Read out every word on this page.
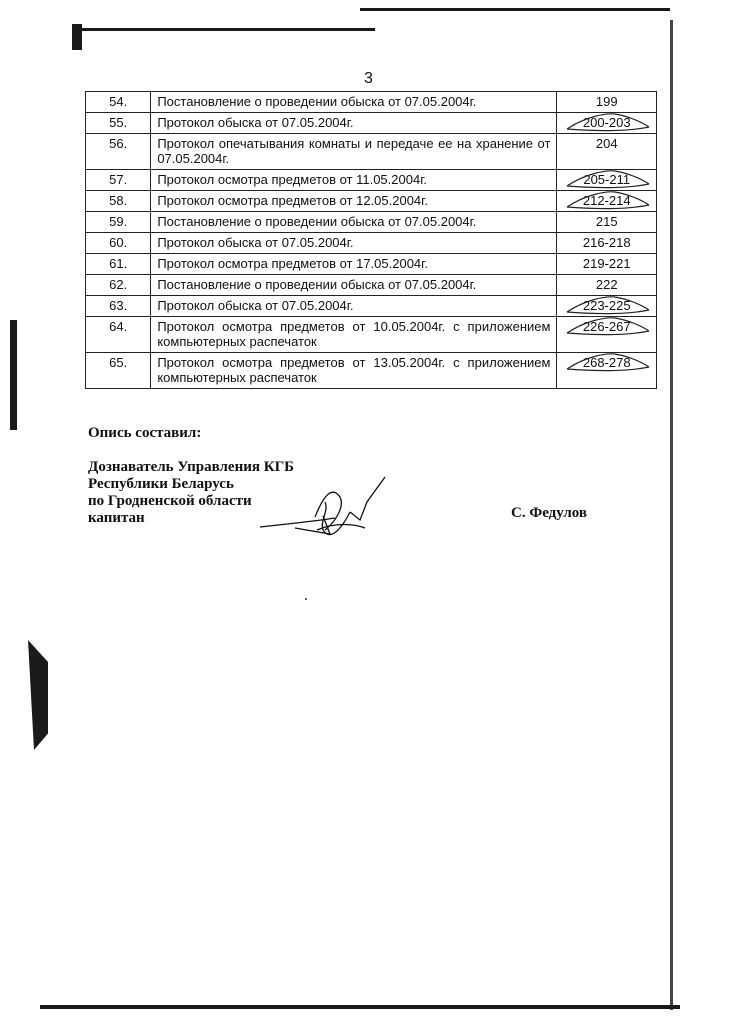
3
54.	Постановление о проведении обыска от 07.05.2004г.	199
55.	Протокол обыска от 07.05.2004г.	200-203

56.	Протокол опечатывания комнаты и передаче ее на хранение от 07.05.2004г.	204
57.	Протокол осмотра предметов от 11.05.2004г.	205-211

58.	Протокол осмотра предметов от 12.05.2004г.	212-214

59.	Постановление о проведении обыска от 07.05.2004г.	215
60.	Протокол обыска от 07.05.2004г.	216-218
61.	Протокол осмотра предметов от 17.05.2004г.	219-221
62.	Постановление о проведении обыска от 07.05.2004г.	222
63.	Протокол обыска от 07.05.2004г.	223-225

64.	Протокол осмотра предметов от 10.05.2004г. с приложением компьютерных распечаток	226-267

65.	Протокол осмотра предметов от 13.05.2004г. с приложением компьютерных распечаток	268-278
Опись составил:
Дознаватель Управления КГБ
Республики Беларусь
по Гродненской области
капитан	С. Федулов
